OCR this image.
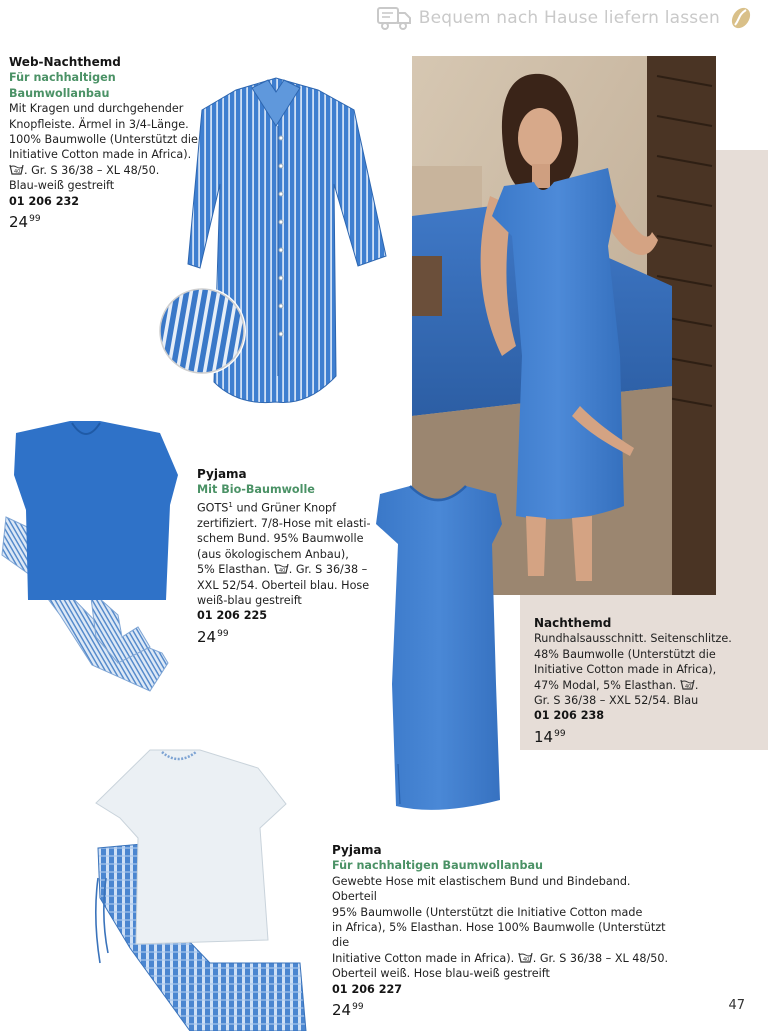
Bequem nach Hause liefern lassen
Web-Nachthemd
Für nachhaltigen Baumwollanbau
Mit Kragen und durchgehender
Knopfleiste. Ärmel in 3/4-Länge.
100% Baumwolle (Unterstützt die
Initiative Cotton made in Africa).
40 . Gr. S 36/38 – XL 48/50.
Blau-weiß gestreift
01 206 232
$24^{99}$
Pyjama
Mit Bio-Baumwolle
GOTS$^1$ und Grüner Knopf
zertifiziert. 7/8-Hose mit elasti-
schem Bund. 95% Baumwolle
(aus ökologischem Anbau),
5% Elasthan. 40 . Gr. S 36/38 –
XXL 52/54. Oberteil blau. Hose
weiß-blau gestreift
01 206 225
$24^{99}$
Nachthemd
Rundhalsausschnitt. Seitenschlitze.
48% Baumwolle (Unterstützt die
Initiative Cotton made in Africa),
47% Modal, 5% Elasthan. 40 .
Gr. S 36/38 – XXL 52/54. Blau
01 206 238
$14^{99}$
Pyjama
Für nachhaltigen Baumwollanbau
Gewebte Hose mit elastischem Bund und Bindeband. Oberteil
95% Baumwolle (Unterstützt die Initiative Cotton made
in Africa), 5% Elasthan. Hose 100% Baumwolle (Unterstützt die
Initiative Cotton made in Africa). 40 . Gr. S 36/38 – XL 48/50.
Oberteil weiß. Hose blau-weiß gestreift
01 206 227
$24^{99}$	47
